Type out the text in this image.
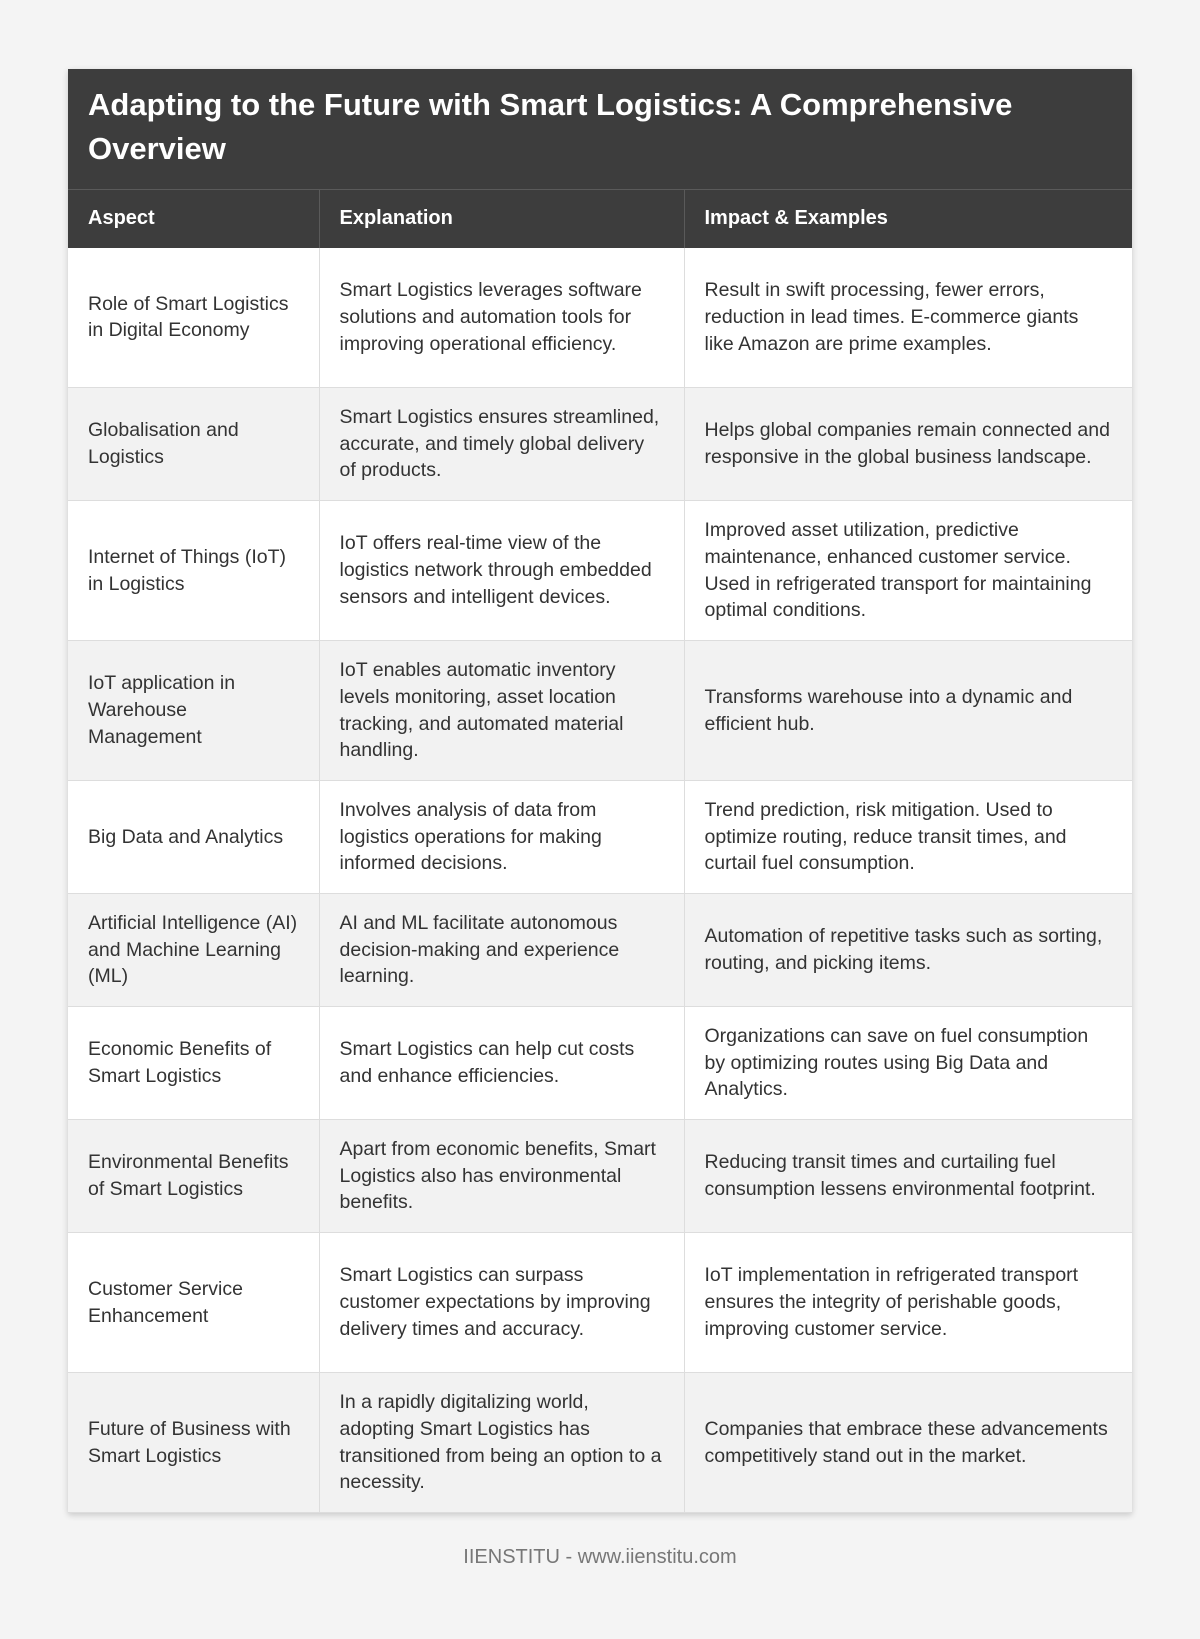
Adapting to the Future with Smart Logistics: A Comprehensive Overview
Aspect	Explanation	Impact & Examples
Role of Smart Logistics in Digital Economy	Smart Logistics leverages software solutions and automation tools for improving operational efficiency.	Result in swift processing, fewer errors, reduction in lead times. E-commerce giants like Amazon are prime examples.
Globalisation and Logistics	Smart Logistics ensures streamlined, accurate, and timely global delivery of products.	Helps global companies remain connected and responsive in the global business landscape.
Internet of Things (IoT) in Logistics	IoT offers real-time view of the logistics network through embedded sensors and intelligent devices.	Improved asset utilization, predictive maintenance, enhanced customer service. Used in refrigerated transport for maintaining optimal conditions.
IoT application in Warehouse Management	IoT enables automatic inventory levels monitoring, asset location tracking, and automated material handling.	Transforms warehouse into a dynamic and efficient hub.
Big Data and Analytics	Involves analysis of data from logistics operations for making informed decisions.	Trend prediction, risk mitigation. Used to optimize routing, reduce transit times, and curtail fuel consumption.
Artificial Intelligence (AI) and Machine Learning (ML)	AI and ML facilitate autonomous decision-making and experience learning.	Automation of repetitive tasks such as sorting, routing, and picking items.
Economic Benefits of Smart Logistics	Smart Logistics can help cut costs and enhance efficiencies.	Organizations can save on fuel consumption by optimizing routes using Big Data and Analytics.
Environmental Benefits of Smart Logistics	Apart from economic benefits, Smart Logistics also has environmental benefits.	Reducing transit times and curtailing fuel consumption lessens environmental footprint.
Customer Service Enhancement	Smart Logistics can surpass customer expectations by improving delivery times and accuracy.	IoT implementation in refrigerated transport ensures the integrity of perishable goods, improving customer service.
Future of Business with Smart Logistics	In a rapidly digitalizing world, adopting Smart Logistics has transitioned from being an option to a necessity.	Companies that embrace these advancements competitively stand out in the market.
IIENSTITU - www.iienstitu.com
